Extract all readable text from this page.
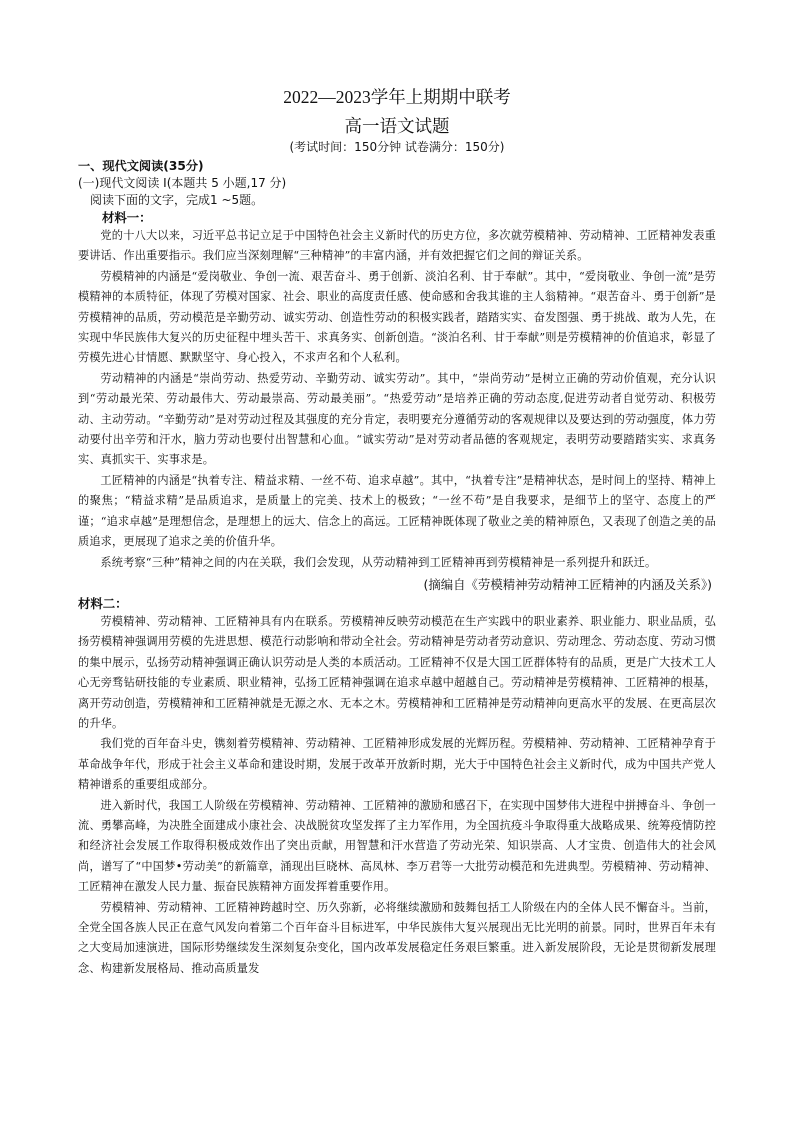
2022—2023学年上期期中联考

高一语文试题

(考试时间：150分钟 试卷满分：150分)

一、现代文阅读(35分)

(一)现代文阅读 I(本题共 5 小题,17 分)

阅读下面的文字，完成1 ~5题。

材料一：

党的十八大以来，习近平总书记立足于中国特色社会主义新时代的历史方位，多次就劳模精神、劳动精神、工匠精神发表重要讲话、作出重要指示。我们应当深刻理解“三种精神”的丰富内涵，并有效把握它们之间的辩证关系。

劳模精神的内涵是“爱岗敬业、争创一流、艰苦奋斗、勇于创新、淡泊名利、甘于奉献”。其中，“爱岗敬业、争创一流”是劳模精神的本质特征，体现了劳模对国家、社会、职业的高度责任感、使命感和舍我其谁的主人翁精神。“艰苦奋斗、勇于创新”是劳模精神的品质，劳动模范是辛勤劳动、诚实劳动、创造性劳动的积极实践者，踏踏实实、奋发图强、勇于挑战、敢为人先，在实现中华民族伟大复兴的历史征程中埋头苦干、求真务实、创新创造。“淡泊名利、甘于奉献”则是劳模精神的价值追求，彰显了劳模先进心甘情愿、默默坚守、身心投入，不求声名和个人私利。

劳动精神的内涵是“崇尚劳动、热爱劳动、辛勤劳动、诚实劳动”。其中，“崇尚劳动”是树立正确的劳动价值观，充分认识到“劳动最光荣、劳动最伟大、劳动最崇高、劳动最美丽”。“热爱劳动”是培养正确的劳动态度,促进劳动者自觉劳动、积极劳动、主动劳动。“辛勤劳动”是对劳动过程及其强度的充分肯定，表明要充分遵循劳动的客观规律以及要达到的劳动强度，体力劳动要付出辛劳和汗水，脑力劳动也要付出智慧和心血。“诚实劳动”是对劳动者品德的客观规定，表明劳动要踏踏实实、求真务实、真抓实干、实事求是。

工匠精神的内涵是“执着专注、精益求精、一丝不苟、追求卓越”。其中，“执着专注”是精神状态，是时间上的坚持、精神上的聚焦；“精益求精”是品质追求，是质量上的完美、技术上的极致；“一丝不苟”是自我要求，是细节上的坚守、态度上的严谨；“追求卓越”是理想信念，是理想上的远大、信念上的高远。工匠精神既体现了敬业之美的精神原色，又表现了创造之美的品质追求，更展现了追求之美的价值升华。

系统考察“三种”精神之间的内在关联，我们会发现，从劳动精神到工匠精神再到劳模精神是一系列提升和跃迁。

(摘编自《劳模精神劳动精神工匠精神的内涵及关系》)

材料二：

劳模精神、劳动精神、工匠精神具有内在联系。劳模精神反映劳动模范在生产实践中的职业素养、职业能力、职业品质，弘扬劳模精神强调用劳模的先进思想、模范行动影响和带动全社会。劳动精神是劳动者劳动意识、劳动理念、劳动态度、劳动习惯的集中展示，弘扬劳动精神强调正确认识劳动是人类的本质活动。工匠精神不仅是大国工匠群体特有的品质，更是广大技术工人心无旁骛钻研技能的专业素质、职业精神，弘扬工匠精神强调在追求卓越中超越自己。劳动精神是劳模精神、工匠精神的根基，离开劳动创造，劳模精神和工匠精神就是无源之水、无本之木。劳模精神和工匠精神是劳动精神向更高水平的发展、在更高层次的升华。

我们党的百年奋斗史，镌刻着劳模精神、劳动精神、工匠精神形成发展的光辉历程。劳模精神、劳动精神、工匠精神孕育于革命战争年代，形成于社会主义革命和建设时期，发展于改革开放新时期，光大于中国特色社会主义新时代，成为中国共产党人精神谱系的重要组成部分。

进入新时代，我国工人阶级在劳模精神、劳动精神、工匠精神的激励和感召下，在实现中国梦伟大进程中拼搏奋斗、争创一流、勇攀高峰，为决胜全面建成小康社会、决战脱贫攻坚发挥了主力军作用，为全国抗疫斗争取得重大战略成果、统筹疫情防控和经济社会发展工作取得积极成效作出了突出贡献，用智慧和汗水营造了劳动光荣、知识崇高、人才宝贵、创造伟大的社会风尚，谱写了“中国梦•劳动美”的新篇章，涌现出巨晓林、高凤林、李万君等一大批劳动模范和先进典型。劳模精神、劳动精神、工匠精神在激发人民力量、振奋民族精神方面发挥着重要作用。

劳模精神、劳动精神、工匠精神跨越时空、历久弥新，必将继续激励和鼓舞包括工人阶级在内的全体人民不懈奋斗。当前，全党全国各族人民正在意气风发向着第二个百年奋斗目标进军，中华民族伟大复兴展现出无比光明的前景。同时，世界百年未有之大变局加速演进，国际形势继续发生深刻复杂变化，国内改革发展稳定任务艰巨繁重。进入新发展阶段，无论是贯彻新发展理念、构建新发展格局、推动高质量发
